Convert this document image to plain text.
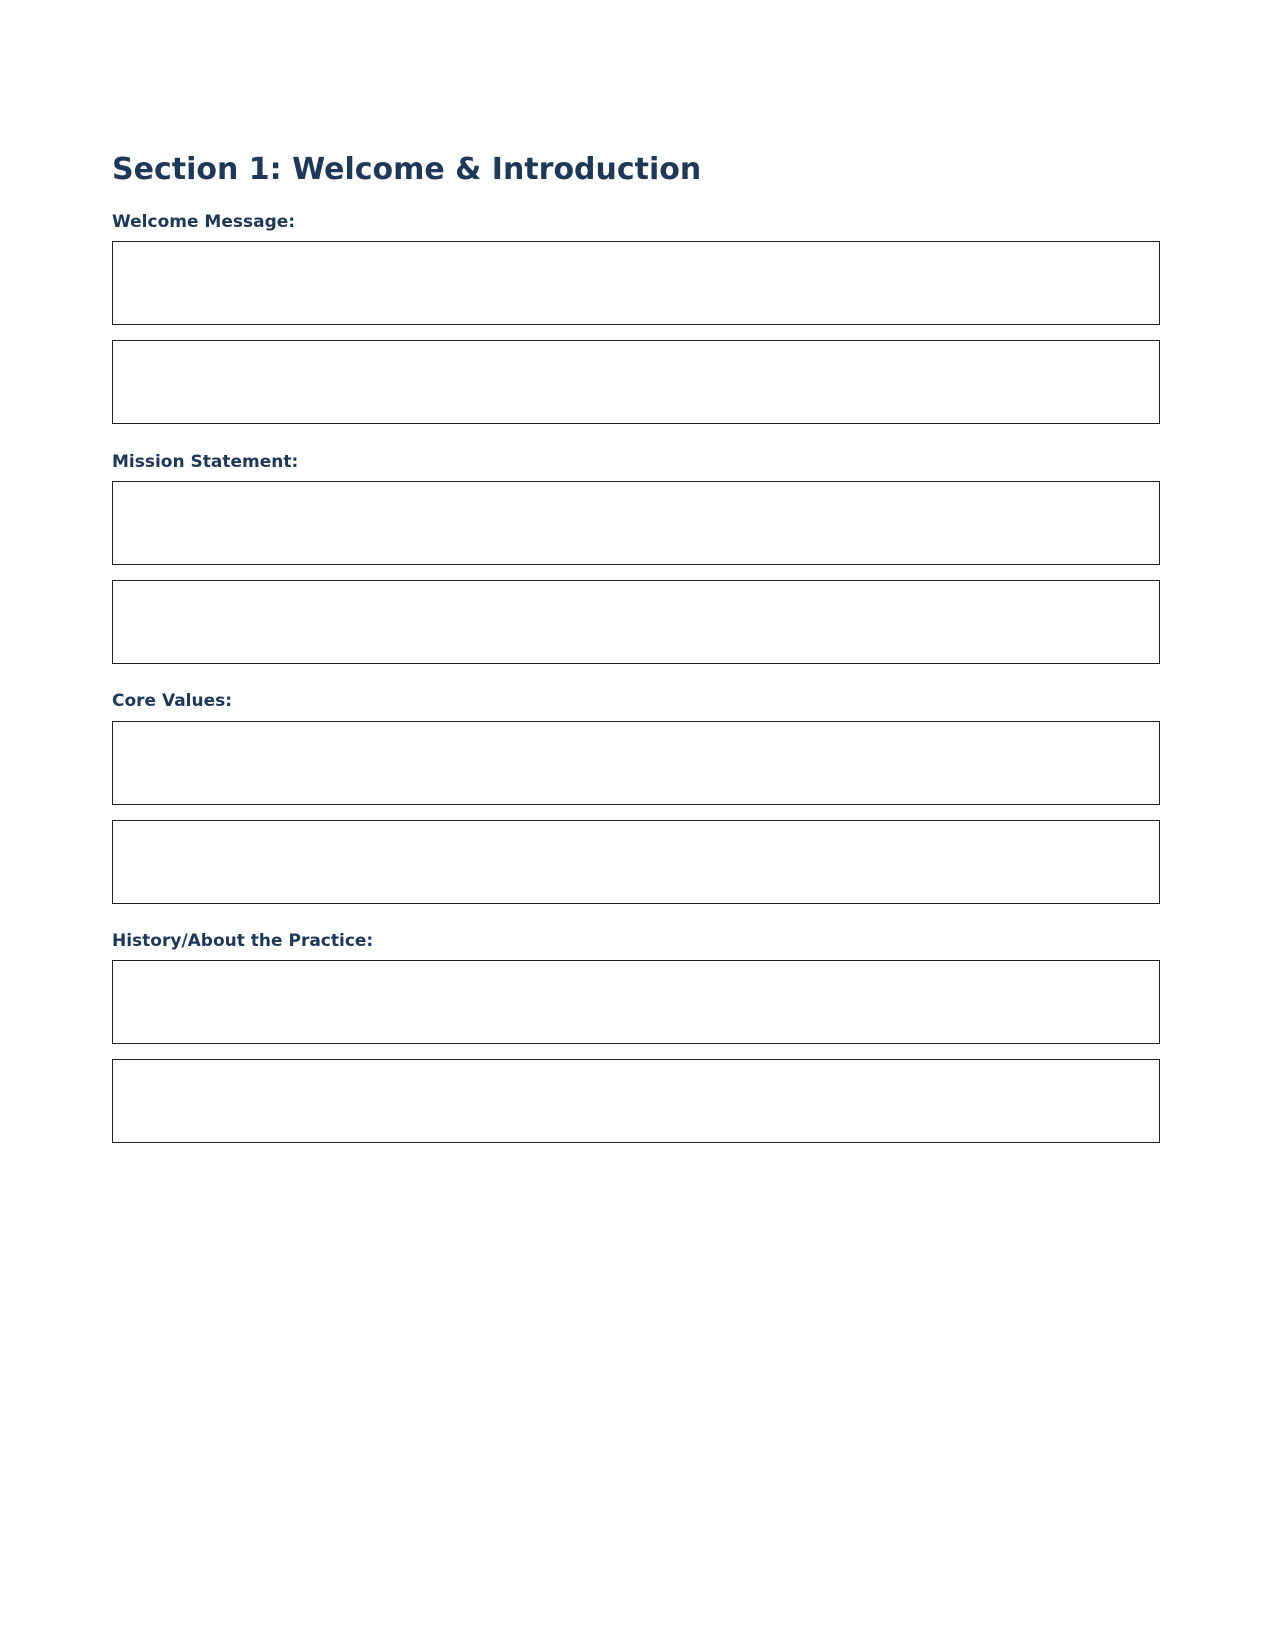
Section 1: Welcome & Introduction
Welcome Message:
Mission Statement:
Core Values:
History/About the Practice:
